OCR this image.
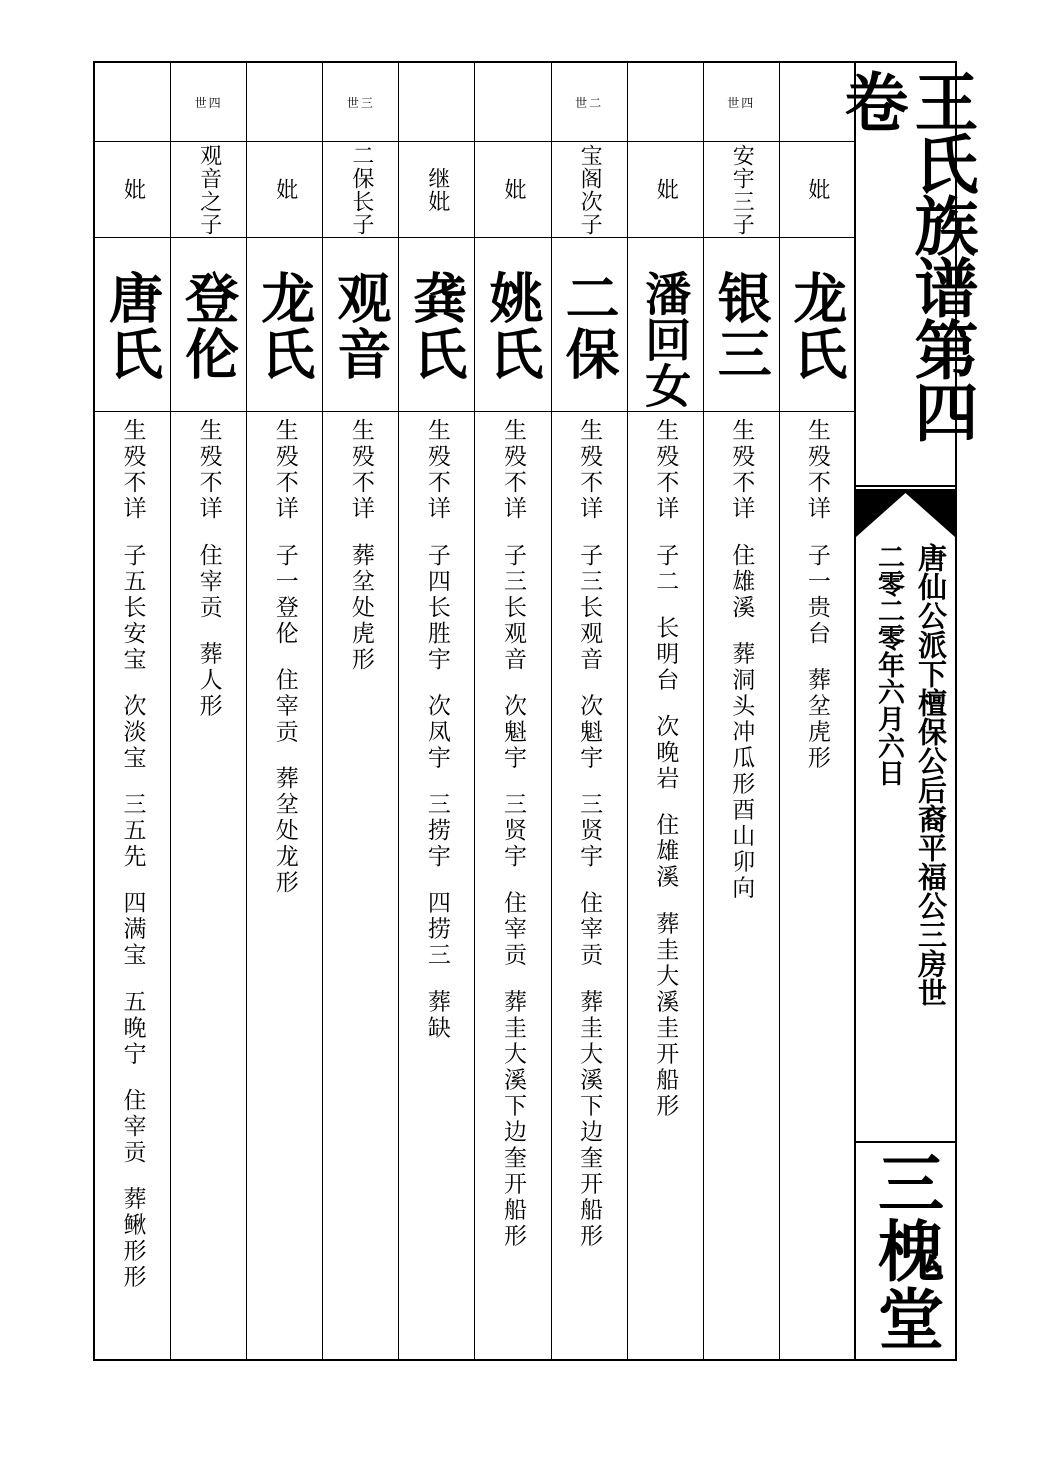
妣
唐氏
生殁不详  子五长安宝  次淡宝  三五先  四满宝  五晚宁  住宰贡  葬鳅形形
世四
观音之子
登伦
生殁不详  住宰贡  葬人形
妣
龙氏
生殁不详  子一登伦  住宰贡  葬坌处龙形
世三
二保长子
观音
生殁不详  葬坌处虎形
继妣
龚氏
生殁不详  子四长胜宇  次凤宇  三捞宇  四捞三  葬缺
妣
姚氏
生殁不详  子三长观音  次魁宇  三贤宇  住宰贡  葬圭大溪下边奎开船形
世二
宝阁次子
二保
生殁不详  子三长观音  次魁宇  三贤宇  住宰贡  葬圭大溪下边奎开船形
妣
潘回女
生殁不详  子二  长明台  次晚岩  住雄溪  葬圭大溪圭开船形
世四
安宇三子
银三
生殁不详  住雄溪  葬洞头冲瓜形酉山卯向
妣
龙氏
生殁不详  子一贵台  葬坌虎形
王氏族谱第四卷
唐仙公派下檀保公后裔平福公三房世
二零二零年六月六日
三槐堂
